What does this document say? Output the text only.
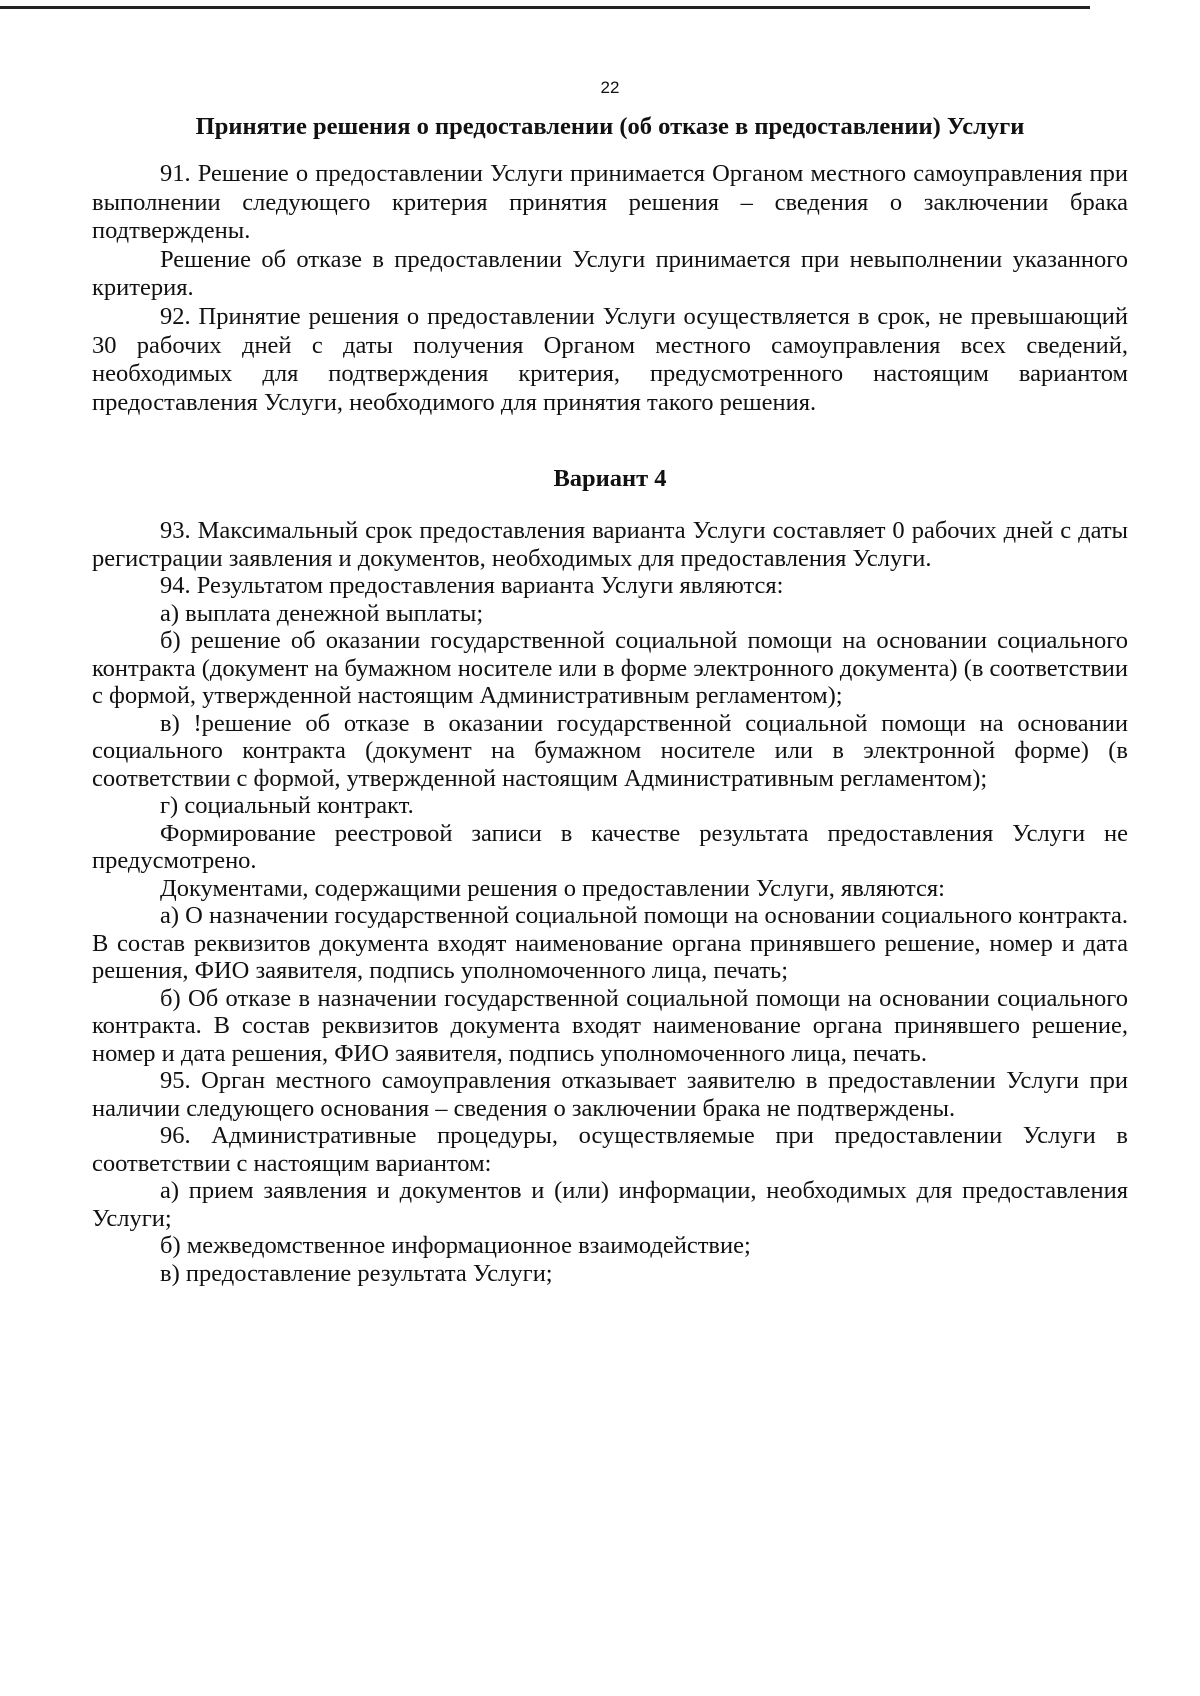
22
Принятие решения о предоставлении (об отказе в предоставлении) Услуги

91. Решение о предоставлении Услуги принимается Органом местного самоуправления при выполнении следующего критерия принятия решения – сведения о заключении брака подтверждены.

Решение об отказе в предоставлении Услуги принимается при невыполнении указанного критерия.

92. Принятие решения о предоставлении Услуги осуществляется в срок, не превышающий 30 рабочих дней с даты получения Органом местного самоуправления всех сведений, необходимых для подтверждения критерия, предусмотренного настоящим вариантом предоставления Услуги, необходимого для принятия такого решения.

Вариант 4

93. Максимальный срок предоставления варианта Услуги составляет 0 рабочих дней с даты регистрации заявления и документов, необходимых для предоставления Услуги.

94. Результатом предоставления варианта Услуги являются:

а) выплата денежной выплаты;

б) решение об оказании государственной социальной помощи на основании социального контракта (документ на бумажном носителе или в форме электронного документа) (в соответствии с формой, утвержденной настоящим Административным регламентом);

в) !решение об отказе в оказании государственной социальной помощи на основании социального контракта (документ на бумажном носителе или в электронной форме) (в соответствии с формой, утвержденной настоящим Административным регламентом);

г) социальный контракт.

Формирование реестровой записи в качестве результата предоставления Услуги не предусмотрено.

Документами, содержащими решения о предоставлении Услуги, являются:

а) О назначении государственной социальной помощи на основании социального контракта. В состав реквизитов документа входят наименование органа принявшего решение, номер и дата решения, ФИО заявителя, подпись уполномоченного лица, печать;

б) Об отказе в назначении государственной социальной помощи на основании социального контракта. В состав реквизитов документа входят наименование органа принявшего решение, номер и дата решения, ФИО заявителя, подпись уполномоченного лица, печать.

95. Орган местного самоуправления отказывает заявителю в предоставлении Услуги при наличии следующего основания – сведения о заключении брака не подтверждены.

96. Административные процедуры, осуществляемые при предоставлении Услуги в соответствии с настоящим вариантом:

а) прием заявления и документов и (или) информации, необходимых для предоставления Услуги;

б) межведомственное информационное взаимодействие;

в) предоставление результата Услуги;
